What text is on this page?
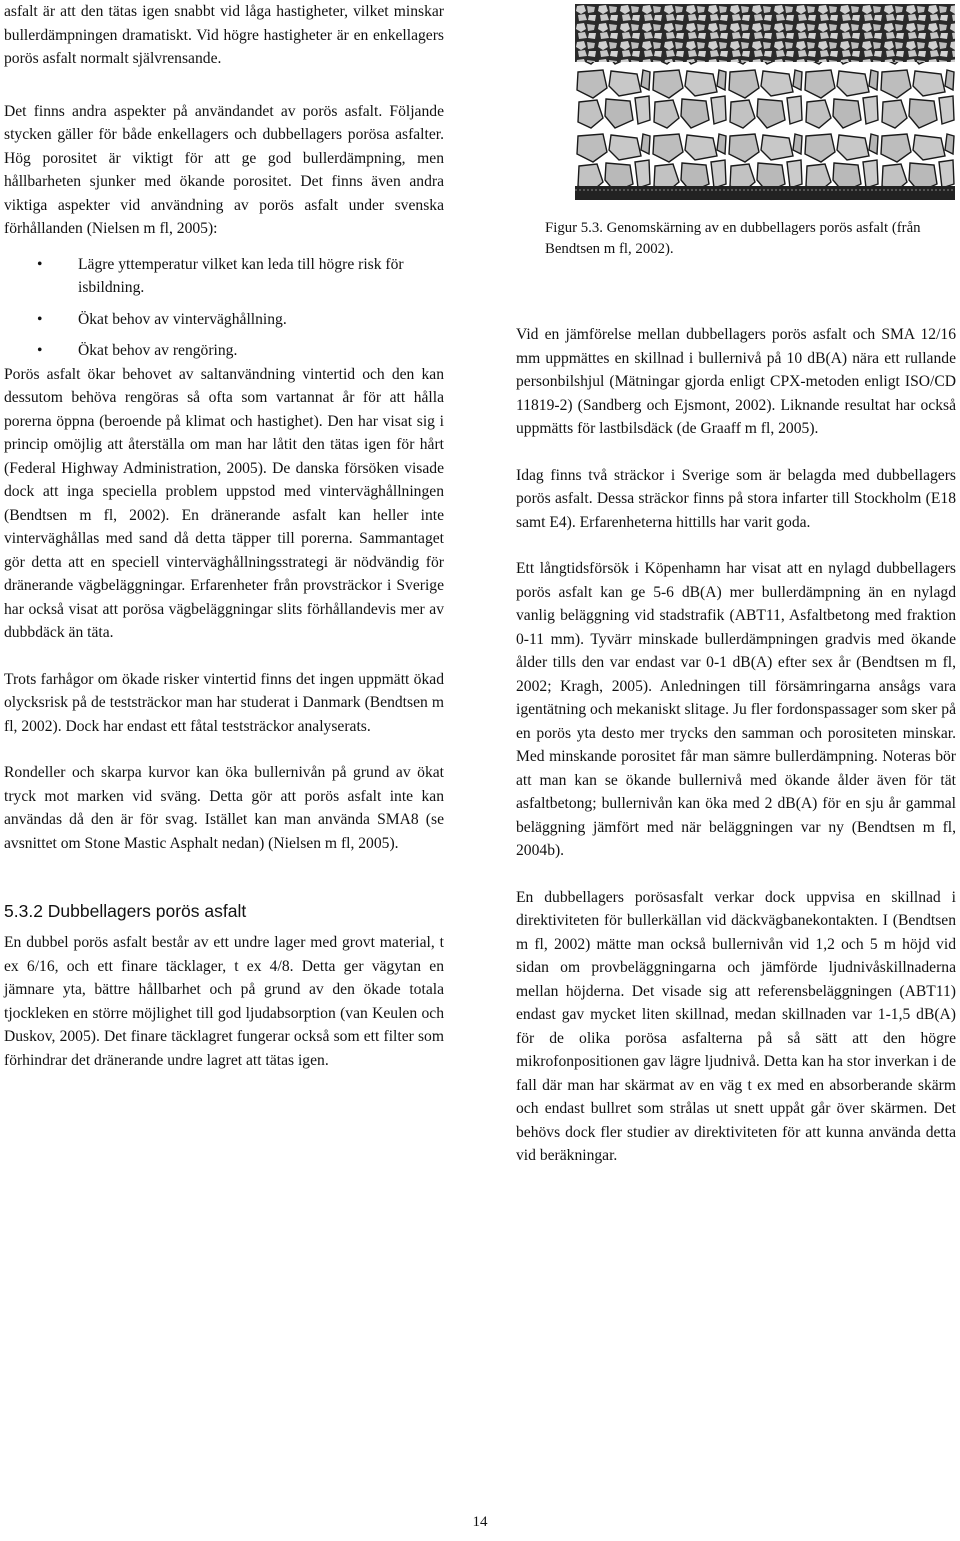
asfalt är att den tätas igen snabbt vid låga hastigheter, vilket minskar bullerdämpningen dramatiskt. Vid högre hastigheter är en enkellagers porös asfalt normalt självrensande.

Det finns andra aspekter på användandet av porös asfalt. Följande stycken gäller för både enkellagers och dubbellagers porösa asfalter. Hög porositet är viktigt för att ge god bullerdämpning, men hållbarheten sjunker med ökande porositet. Det finns även andra viktiga aspekter vid användning av porös asfalt under svenska förhållanden (Nielsen m fl, 2005):

• Lägre yttemperatur vilket kan leda till högre risk för isbildning.
• Ökat behov av vinterväghållning.
• Ökat behov av rengöring.

Porös asfalt ökar behovet av saltanvändning vintertid och den kan dessutom behöva rengöras så ofta som vartannat år för att hålla porerna öppna (beroende på klimat och hastighet). Den har visat sig i princip omöjlig att återställa om man har låtit den tätas igen för hårt (Federal Highway Administration, 2005). De danska försöken visade dock att inga speciella problem uppstod med vinterväghållningen (Bendtsen m fl, 2002). En dränerande asfalt kan heller inte vinterväghållas med sand då detta täpper till porerna. Sammantaget gör detta att en speciell vinterväghållningsstrategi är nödvändig för dränerande vägbeläggningar. Erfarenheter från provsträckor i Sverige har också visat att porösa vägbeläggningar slits förhållandevis mer av dubbdäck än täta.

Trots farhågor om ökade risker vintertid finns det ingen uppmätt ökad olycksrisk på de teststräckor man har studerat i Danmark (Bendtsen m fl, 2002). Dock har endast ett fåtal teststräckor analyserats.

Rondeller och skarpa kurvor kan öka bullernivån på grund av ökat tryck mot marken vid sväng. Detta gör att porös asfalt inte kan användas då den är för svag. Istället kan man använda SMA8 (se avsnittet om Stone Mastic Asphalt nedan) (Nielsen m fl, 2005).

5.3.2 Dubbellagers porös asfalt

En dubbel porös asfalt består av ett undre lager med grovt material, t ex 6/16, och ett finare täcklager, t ex 4/8. Detta ger vägytan en jämnare yta, bättre hållbarhet och på grund av den ökade totala tjockleken en större möjlighet till god ljudabsorption (van Keulen och Duskov, 2005). Det finare täcklagret fungerar också som ett filter som förhindrar det dränerande undre lagret att tätas igen.

Figur 5.3. Genomskärning av en dubbellagers porös asfalt (från Bendtsen m fl, 2002).

Vid en jämförelse mellan dubbellagers porös asfalt och SMA 12/16 mm uppmättes en skillnad i bullernivå på 10 dB(A) nära ett rullande personbilshjul (Mätningar gjorda enligt CPX-metoden enligt ISO/CD 11819-2) (Sandberg och Ejsmont, 2002). Liknande resultat har också uppmätts för lastbilsdäck (de Graaff m fl, 2005).

Idag finns två sträckor i Sverige som är belagda med dubbellagers porös asfalt. Dessa sträckor finns på stora infarter till Stockholm (E18 samt E4). Erfarenheterna hittills har varit goda.

Ett långtidsförsök i Köpenhamn har visat att en nylagd dubbellagers porös asfalt kan ge 5-6 dB(A) mer bullerdämpning än en nylagd vanlig beläggning vid stadstrafik (ABT11, Asfaltbetong med fraktion 0-11 mm). Tyvärr minskade bullerdämpningen gradvis med ökande ålder tills den var endast var 0-1 dB(A) efter sex år (Bendtsen m fl, 2002; Kragh, 2005). Anledningen till försämringarna ansågs vara igentätning och mekaniskt slitage. Ju fler fordonspassager som sker på en porös yta desto mer trycks den samman och porositeten minskar. Med minskande porositet får man sämre bullerdämpning. Noteras bör att man kan se ökande bullernivå med ökande ålder även för tät asfaltbetong; bullernivån kan öka med 2 dB(A) för en sju år gammal beläggning jämfört med när beläggningen var ny (Bendtsen m fl, 2004b).

En dubbellagers porösasfalt verkar dock uppvisa en skillnad i direktiviteten för bullerkällan vid däckvägbanekontakten. I (Bendtsen m fl, 2002) mätte man också bullernivån vid 1,2 och 5 m höjd vid sidan om provbeläggningarna och jämförde ljudnivåskillnaderna mellan höjderna. Det visade sig att referensbeläggningen (ABT11) endast gav mycket liten skillnad, medan skillnaden var 1-1,5 dB(A) för de olika porösa asfalterna på så sätt att den högre mikrofonpositionen gav lägre ljudnivå. Detta kan ha stor inverkan i de fall där man har skärmat av en väg t ex med en absorberande skärm och endast bullret som strålas ut snett uppåt går över skärmen. Det behövs dock fler studier av direktiviteten för att kunna använda detta vid beräkningar.

14
